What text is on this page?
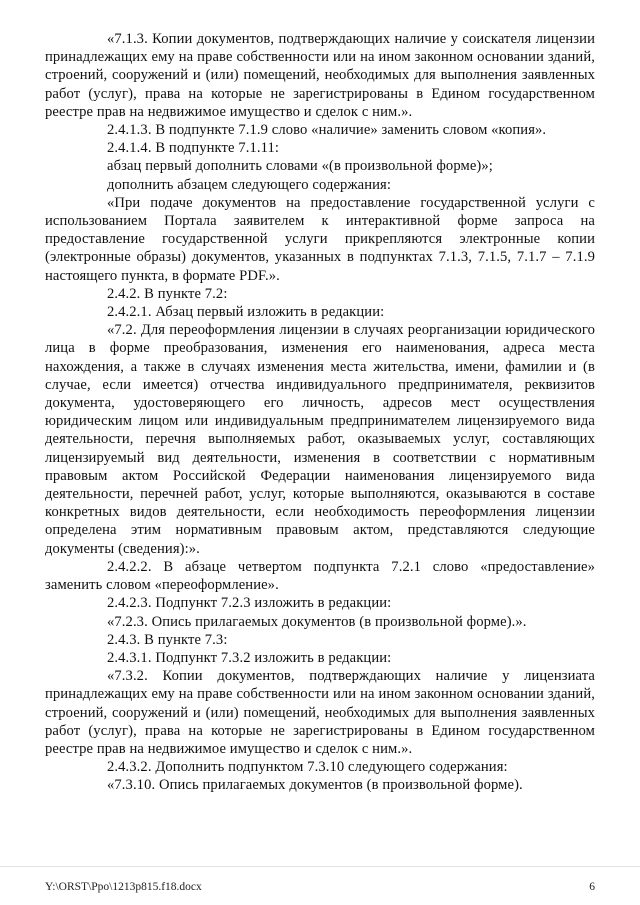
«7.1.3. Копии документов, подтверждающих наличие у соискателя лицензии принадлежащих ему на праве собственности или на ином законном основании зданий, строений, сооружений и (или) помещений, необходимых для выполнения заявленных работ (услуг), права на которые не зарегистрированы в Едином государственном реестре прав на недвижимое имущество и сделок с ним.».

2.4.1.3. В подпункте 7.1.9 слово «наличие» заменить словом «копия».

2.4.1.4. В подпункте 7.1.11:

абзац первый дополнить словами «(в произвольной форме)»;

дополнить абзацем следующего содержания:

«При подаче документов на предоставление государственной услуги с использованием Портала заявителем к интерактивной форме запроса на предоставление государственной услуги прикрепляются электронные копии (электронные образы) документов, указанных в подпунктах 7.1.3, 7.1.5, 7.1.7 – 7.1.9 настоящего пункта, в формате PDF.».

2.4.2. В пункте 7.2:

2.4.2.1. Абзац первый изложить в редакции:

«7.2. Для переоформления лицензии в случаях реорганизации юридического лица в форме преобразования, изменения его наименования, адреса места нахождения, а также в случаях изменения места жительства, имени, фамилии и (в случае, если имеется) отчества индивидуального предпринимателя, реквизитов документа, удостоверяющего его личность, адресов мест осуществления юридическим лицом или индивидуальным предпринимателем лицензируемого вида деятельности, перечня выполняемых работ, оказываемых услуг, составляющих лицензируемый вид деятельности, изменения в соответствии с нормативным правовым актом Российской Федерации наименования лицензируемого вида деятельности, перечней работ, услуг, которые выполняются, оказываются в составе конкретных видов деятельности, если необходимость переоформления лицензии определена этим нормативным правовым актом, представляются следующие документы (сведения):».

2.4.2.2. В абзаце четвертом подпункта 7.2.1 слово «предоставление» заменить словом «переоформление».

2.4.2.3. Подпункт 7.2.3 изложить в редакции:

«7.2.3. Опись прилагаемых документов (в произвольной форме).».

2.4.3. В пункте 7.3:

2.4.3.1. Подпункт 7.3.2 изложить в редакции:

«7.3.2. Копии документов, подтверждающих наличие у лицензиата принадлежащих ему на праве собственности или на ином законном основании зданий, строений, сооружений и (или) помещений, необходимых для выполнения заявленных работ (услуг), права на которые не зарегистрированы в Едином государственном реестре прав на недвижимое имущество и сделок с ним.».

2.4.3.2. Дополнить подпунктом 7.3.10 следующего содержания:

«7.3.10. Опись прилагаемых документов (в произвольной форме).

Y:\ORST\Ppo\1213p815.f18.docx	6
